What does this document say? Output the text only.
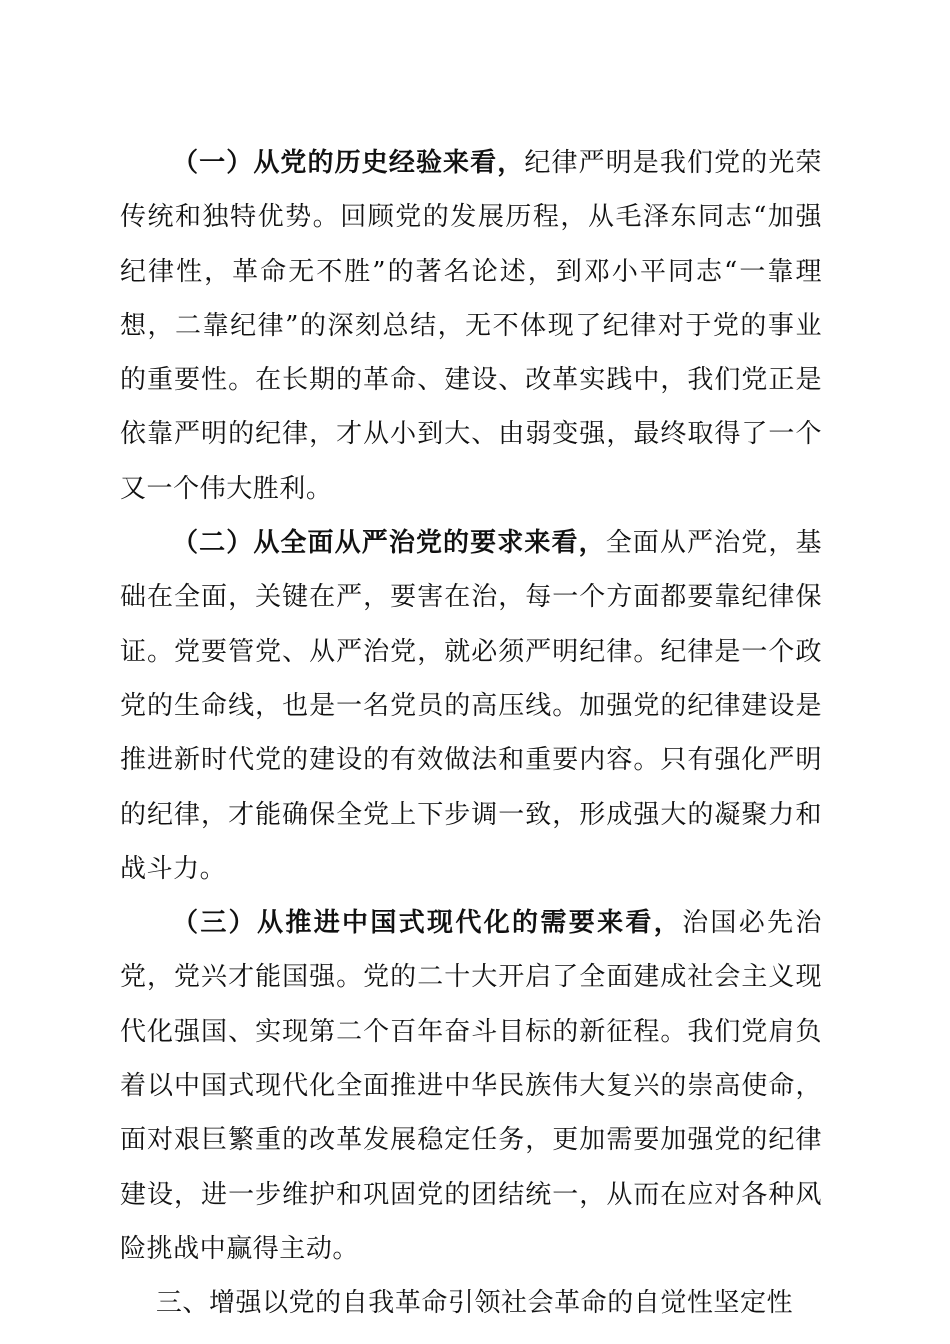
（一）从党的历史经验来看，纪律严明是我们党的光荣传统和独特优势。回顾党的发展历程，从毛泽东同志“加强纪律性，革命无不胜”的著名论述，到邓小平同志“一靠理想，二靠纪律”的深刻总结，无不体现了纪律对于党的事业的重要性。在长期的革命、建设、改革实践中，我们党正是依靠严明的纪律，才从小到大、由弱变强，最终取得了一个又一个伟大胜利。

（二）从全面从严治党的要求来看，全面从严治党，基础在全面，关键在严，要害在治，每一个方面都要靠纪律保证。党要管党、从严治党，就必须严明纪律。纪律是一个政党的生命线，也是一名党员的高压线。加强党的纪律建设是推进新时代党的建设的有效做法和重要内容。只有强化严明的纪律，才能确保全党上下步调一致，形成强大的凝聚力和战斗力。

（三）从推进中国式现代化的需要来看，治国必先治党，党兴才能国强。党的二十大开启了全面建成社会主义现代化强国、实现第二个百年奋斗目标的新征程。我们党肩负着以中国式现代化全面推进中华民族伟大复兴的崇高使命，面对艰巨繁重的改革发展稳定任务，更加需要加强党的纪律建设，进一步维护和巩固党的团结统一，从而在应对各种风险挑战中赢得主动。

三、增强以党的自我革命引领社会革命的自觉性坚定性
